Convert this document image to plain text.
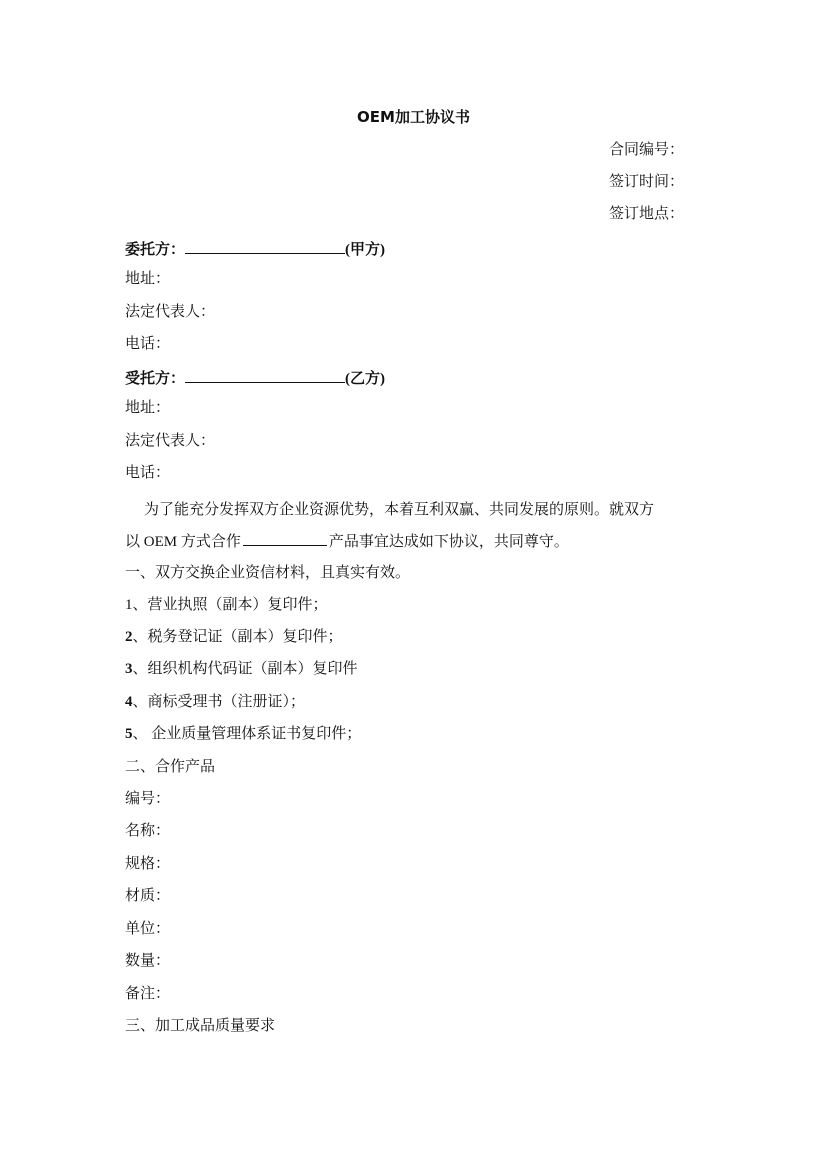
OEM加工协议书
合同编号：
签订时间：
签订地点：
委托方：	(甲方)
地址：
法定代表人：
电话：
受托方：	(乙方)
地址：
法定代表人：
电话：
为了能充分发挥双方企业资源优势，本着互利双赢、共同发展的原则。就双方
以 OEM 方式合作	产品事宜达成如下协议，共同尊守。
一、双方交换企业资信材料，且真实有效。
1、营业执照（副本）复印件；
2、税务登记证（副本）复印件；
3、组织机构代码证（副本）复印件
4、商标受理书（注册证）；
5、 企业质量管理体系证书复印件；
二、合作产品
编号：
名称：
规格：
材质：
单位：
数量：
备注：
三、加工成品质量要求
